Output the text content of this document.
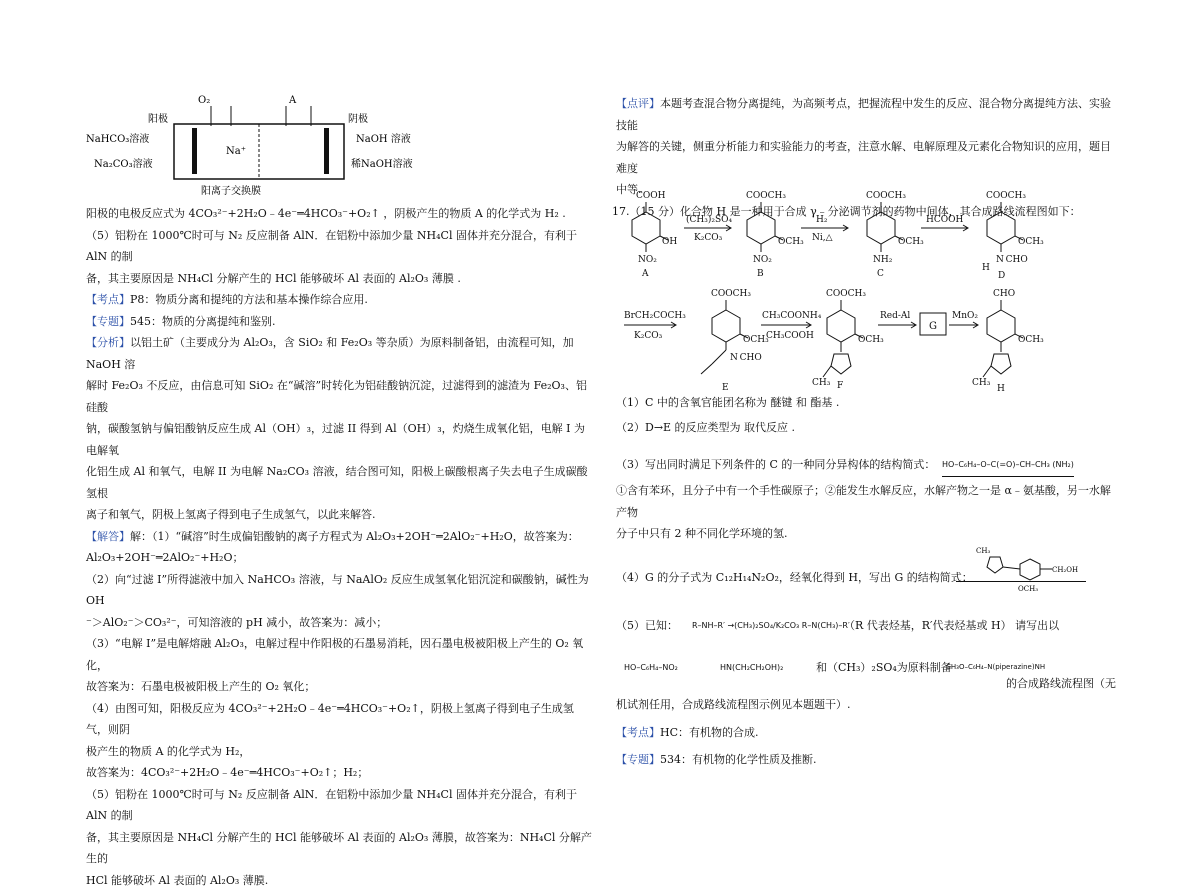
O₂	A
阳极	阴极
NaHCO₃溶液
Na₂CO₃溶液
NaOH 溶液
稀NaOH溶液
Na⁺
阳离子交换膜

阳极的电极反应式为 4CO₃²⁻+2H₂O﹣4e⁻═4HCO₃⁻+O₂↑ ，阴极产生的物质 A 的化学式为 H₂ .

（5）铝粉在 1000℃时可与 N₂ 反应制备 AlN．在铝粉中添加少量 NH₄Cl 固体并充分混合，有利于 AlN 的制

备，其主要原因是 NH₄Cl 分解产生的 HCl 能够破坏 Al 表面的 Al₂O₃ 薄膜 .

【考点】P8：物质分离和提纯的方法和基本操作综合应用.

【专题】545：物质的分离提纯和鉴别.

【分析】以铝土矿（主要成分为 Al₂O₃，含 SiO₂ 和 Fe₂O₃ 等杂质）为原料制备铝，由流程可知，加 NaOH 溶

解时 Fe₂O₃ 不反应，由信息可知 SiO₂ 在“碱溶”时转化为铝硅酸钠沉淀，过滤得到的滤渣为 Fe₂O₃、铝硅酸

钠，碳酸氢钠与偏铝酸钠反应生成 Al（OH）₃，过滤 II 得到 Al（OH）₃，灼烧生成氧化铝，电解 I 为电解氧

化铝生成 Al 和氧气，电解 II 为电解 Na₂CO₃ 溶液，结合图可知，阳极上碳酸根离子失去电子生成碳酸氢根

离子和氧气，阴极上氢离子得到电子生成氢气，以此来解答.

【解答】解：（1）“碱溶”时生成偏铝酸钠的离子方程式为 Al₂O₃+2OH⁻═2AlO₂⁻+H₂O，故答案为：

Al₂O₃+2OH⁻═2AlO₂⁻+H₂O；

（2）向“过滤 I”所得滤液中加入 NaHCO₃ 溶液，与 NaAlO₂ 反应生成氢氧化铝沉淀和碳酸钠，碱性为 OH

⁻＞AlO₂⁻＞CO₃²⁻，可知溶液的 pH 减小，故答案为：减小；

（3）“电解 I”是电解熔融 Al₂O₃，电解过程中作阳极的石墨易消耗，因石墨电极被阳极上产生的 O₂ 氧

化，

故答案为：石墨电极被阳极上产生的 O₂ 氧化；

（4）由图可知，阳极反应为 4CO₃²⁻+2H₂O﹣4e⁻═4HCO₃⁻+O₂↑，阴极上氢离子得到电子生成氢气，则阴

极产生的物质 A 的化学式为 H₂，

故答案为：4CO₃²⁻+2H₂O﹣4e⁻═4HCO₃⁻+O₂↑；H₂；

（5）铝粉在 1000℃时可与 N₂ 反应制备 AlN．在铝粉中添加少量 NH₄Cl 固体并充分混合，有利于 AlN 的制

备，其主要原因是 NH₄Cl 分解产生的 HCl 能够破坏 Al 表面的 Al₂O₃ 薄膜，故答案为：NH₄Cl 分解产生的

HCl 能够破坏 Al 表面的 Al₂O₃ 薄膜.

【点评】本题考查混合物分离提纯，为高频考点，把握流程中发生的反应、混合物分离提纯方法、实验技能

为解答的关键，侧重分析能力和实验能力的考查，注意水解、电解原理及元素化合物知识的应用，题目难度

中等.

17.（15 分）化合物 H 是一种用于合成 γ﹣分泌调节剂的药物中间体，其合成路线流程图如下：

COOH
OH
NO₂
A
(CH₃)₂SO₄
K₂CO₃
COOCH₃
OCH₃
NO₂
B
H₂
Ni,△
COOCH₃
OCH₃
NH₂
C
HCOOH
COOCH₃
OCH₃
N CHO
H
D
BrCH₂COCH₃
K₂CO₃
COOCH₃
OCH₃
N CHO
E
CH₃COONH₄
CH₃COOH
COOCH₃
OCH₃
CH₃ F
Red-Al
G
MnO₂
CHO
OCH₃
CH₃
H

（1）C 中的含氧官能团名称为 醚键 和 酯基 .

（2）D→E 的反应类型为 取代反应 .

（3）写出同时满足下列条件的 C 的一种同分异构体的结构简式： HO–C₆H₄–O–C(=O)–CH–CH₃ (NH₂)

①含有苯环，且分子中有一个手性碳原子；②能发生水解反应，水解产物之一是 α﹣氨基酸，另一水解产物

分子中只有 2 种不同化学环境的氢.

CH₃
CH₂OH
OCH₃
（4）G 的分子式为 C₁₂H₁₄N₂O₂，经氧化得到 H，写出 G 的结构简式：
（5）已知： R–NH–R′ →(CH₃)₂SO₄/K₂CO₃ R–N(CH₃)–R′
（R 代表烃基，R′代表烃基或 H） 请写出以
HO–C₆H₄–NO₂	HN(CH₂CH₂OH)₂	和（CH₃）₂SO₄为原料制备
CH₃O–C₆H₄–N(piperazine)NH

的合成路线流程图（无

机试剂任用，合成路线流程图示例见本题题干）.

【考点】HC：有机物的合成.

【专题】534：有机物的化学性质及推断.
